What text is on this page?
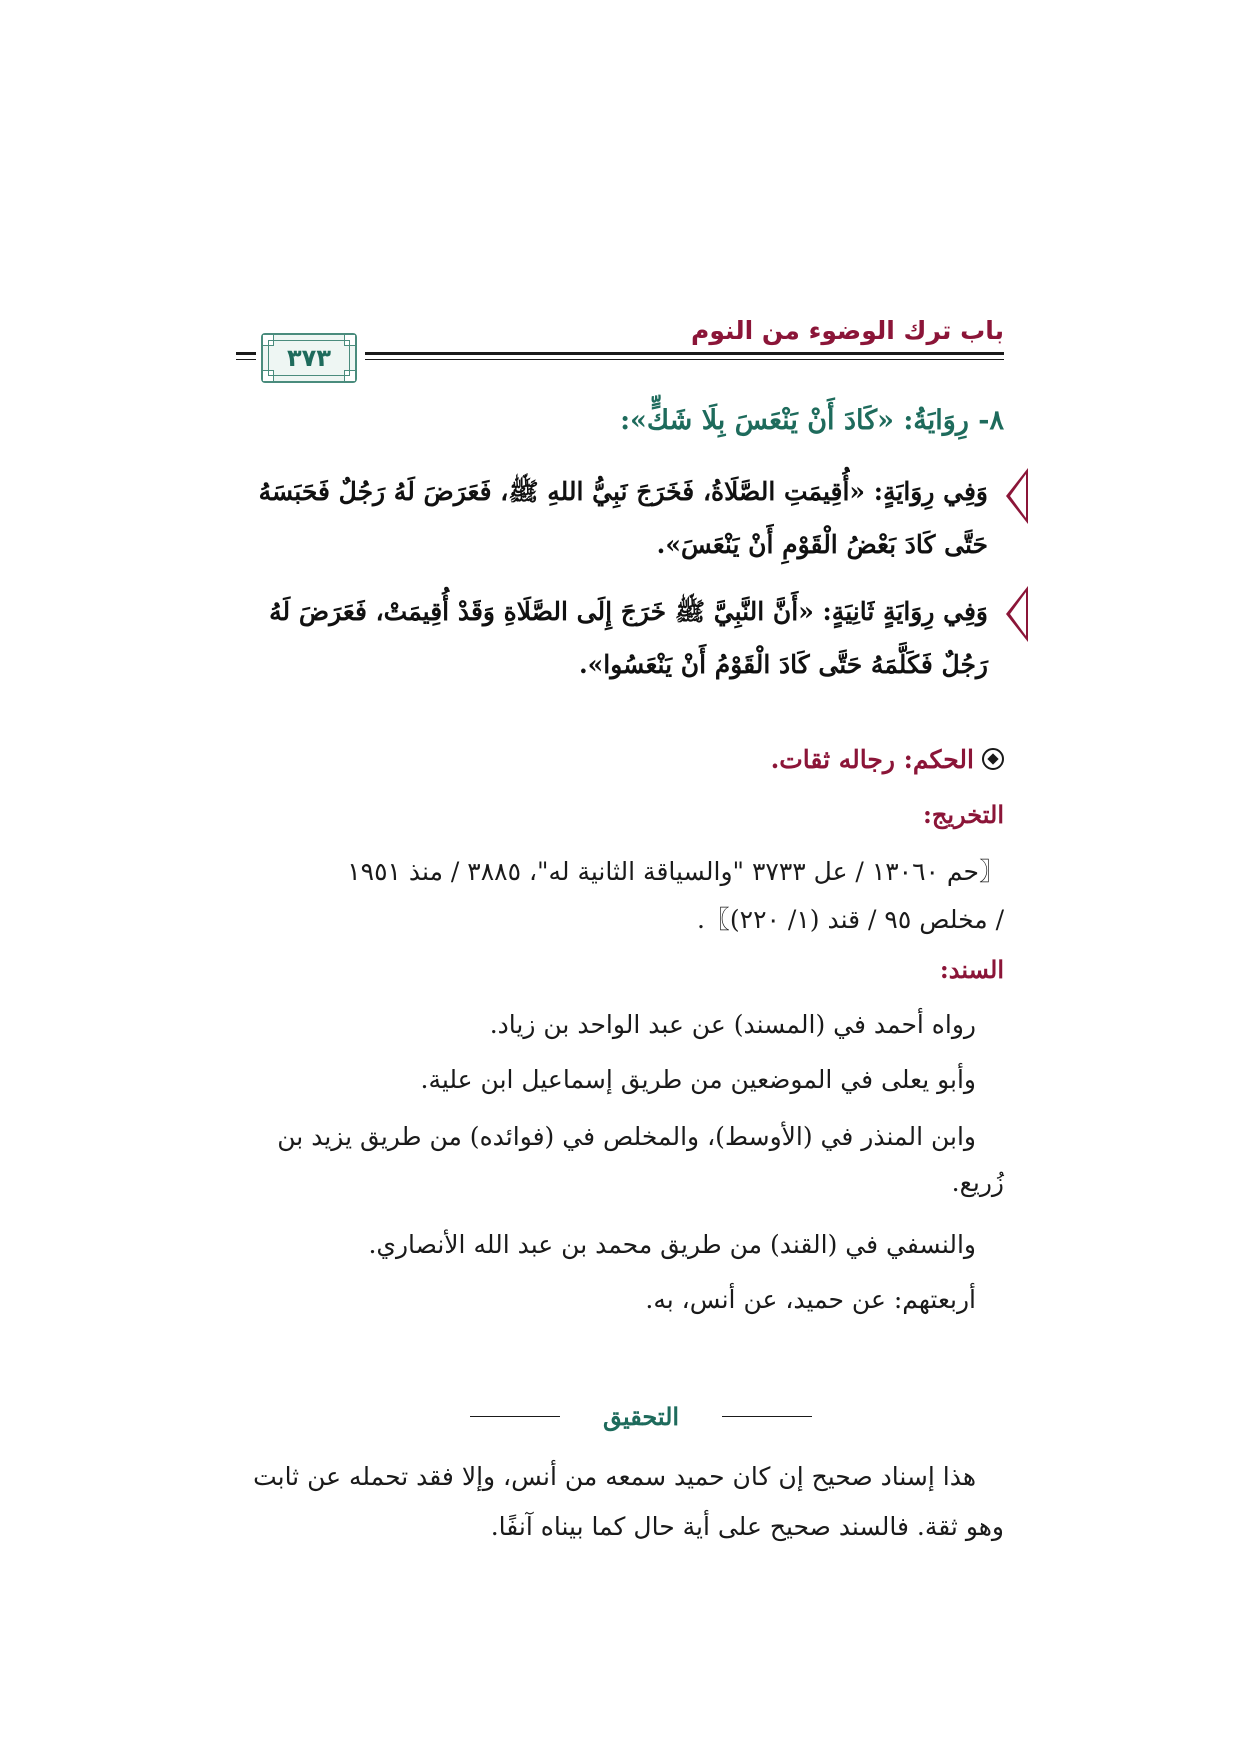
باب ترك الوضوء من النوم
٣٧٣
٨- رِوَايَةُ: «كَادَ أَنْ يَنْعَسَ بِلَا شَكٍّ»:
وَفِي رِوَايَةٍ: «أُقِيمَتِ الصَّلَاةُ، فَخَرَجَ نَبِيُّ اللهِ ﷺ، فَعَرَضَ لَهُ رَجُلٌ فَحَبَسَهُ
حَتَّى كَادَ بَعْضُ الْقَوْمِ أَنْ يَنْعَسَ».
وَفِي رِوَايَةٍ ثَانِيَةٍ: «أَنَّ النَّبِيَّ ﷺ خَرَجَ إِلَى الصَّلَاةِ وَقَدْ أُقِيمَتْ، فَعَرَضَ لَهُ
رَجُلٌ فَكَلَّمَهُ حَتَّى كَادَ الْقَوْمُ أَنْ يَنْعَسُوا».
الحكم: رجاله ثقات.
التخريج:
〖حم ١٣٠٦٠ / عل ٣٧٣٣ "والسياقة الثانية له"، ٣٨٨٥ / منذ ١٩٥١
/ مخلص ٩٥ / قند (١/ ٢٢٠)〗.
السند:
رواه أحمد في (المسند) عن عبد الواحد بن زياد.
وأبو يعلى في الموضعين من طريق إسماعيل ابن علية.
وابن المنذر في (الأوسط)، والمخلص في (فوائده) من طريق يزيد بن
زُريع.
والنسفي في (القند) من طريق محمد بن عبد الله الأنصاري.
أربعتهم: عن حميد، عن أنس، به.
التحقيق
هذا إسناد صحيح إن كان حميد سمعه من أنس، وإلا فقد تحمله عن ثابت
وهو ثقة. فالسند صحيح على أية حال كما بيناه آنفًا.
